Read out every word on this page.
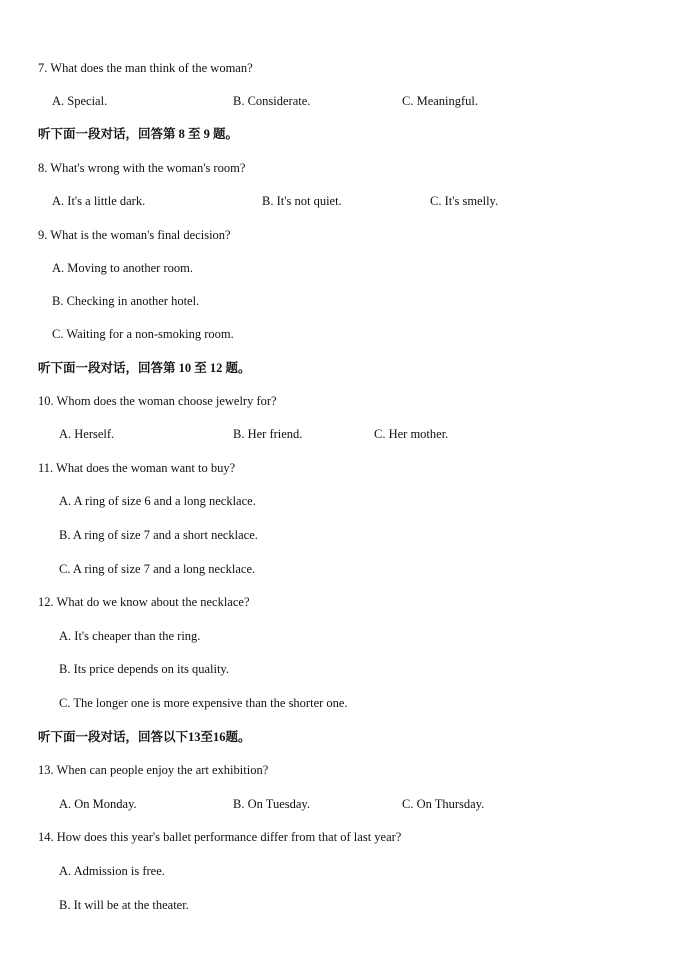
7. What does the man think of the woman?
A. Special.	B. Considerate.	C. Meaningful.
听下面一段对话，回答第 8 至 9 题。
8. What's wrong with the woman's room?
A. It's a little dark.	B. It's not quiet.	C. It's smelly.
9. What is the woman's final decision?
A. Moving to another room.
B. Checking in another hotel.
C. Waiting for a non-smoking room.
听下面一段对话，回答第 10 至 12 题。
10. Whom does the woman choose jewelry for?
A. Herself.	B. Her friend.	C. Her mother.
11. What does the woman want to buy?
A. A ring of size 6 and a long necklace.
B. A ring of size 7 and a short necklace.
C. A ring of size 7 and a long necklace.
12. What do we know about the necklace?
A. It's cheaper than the ring.
B. Its price depends on its quality.
C. The longer one is more expensive than the shorter one.
听下面一段对话，回答以下13至16题。
13. When can people enjoy the art exhibition?
A. On Monday.	B. On Tuesday.	C. On Thursday.
14. How does this year's ballet performance differ from that of last year?
A. Admission is free.
B. It will be at the theater.
